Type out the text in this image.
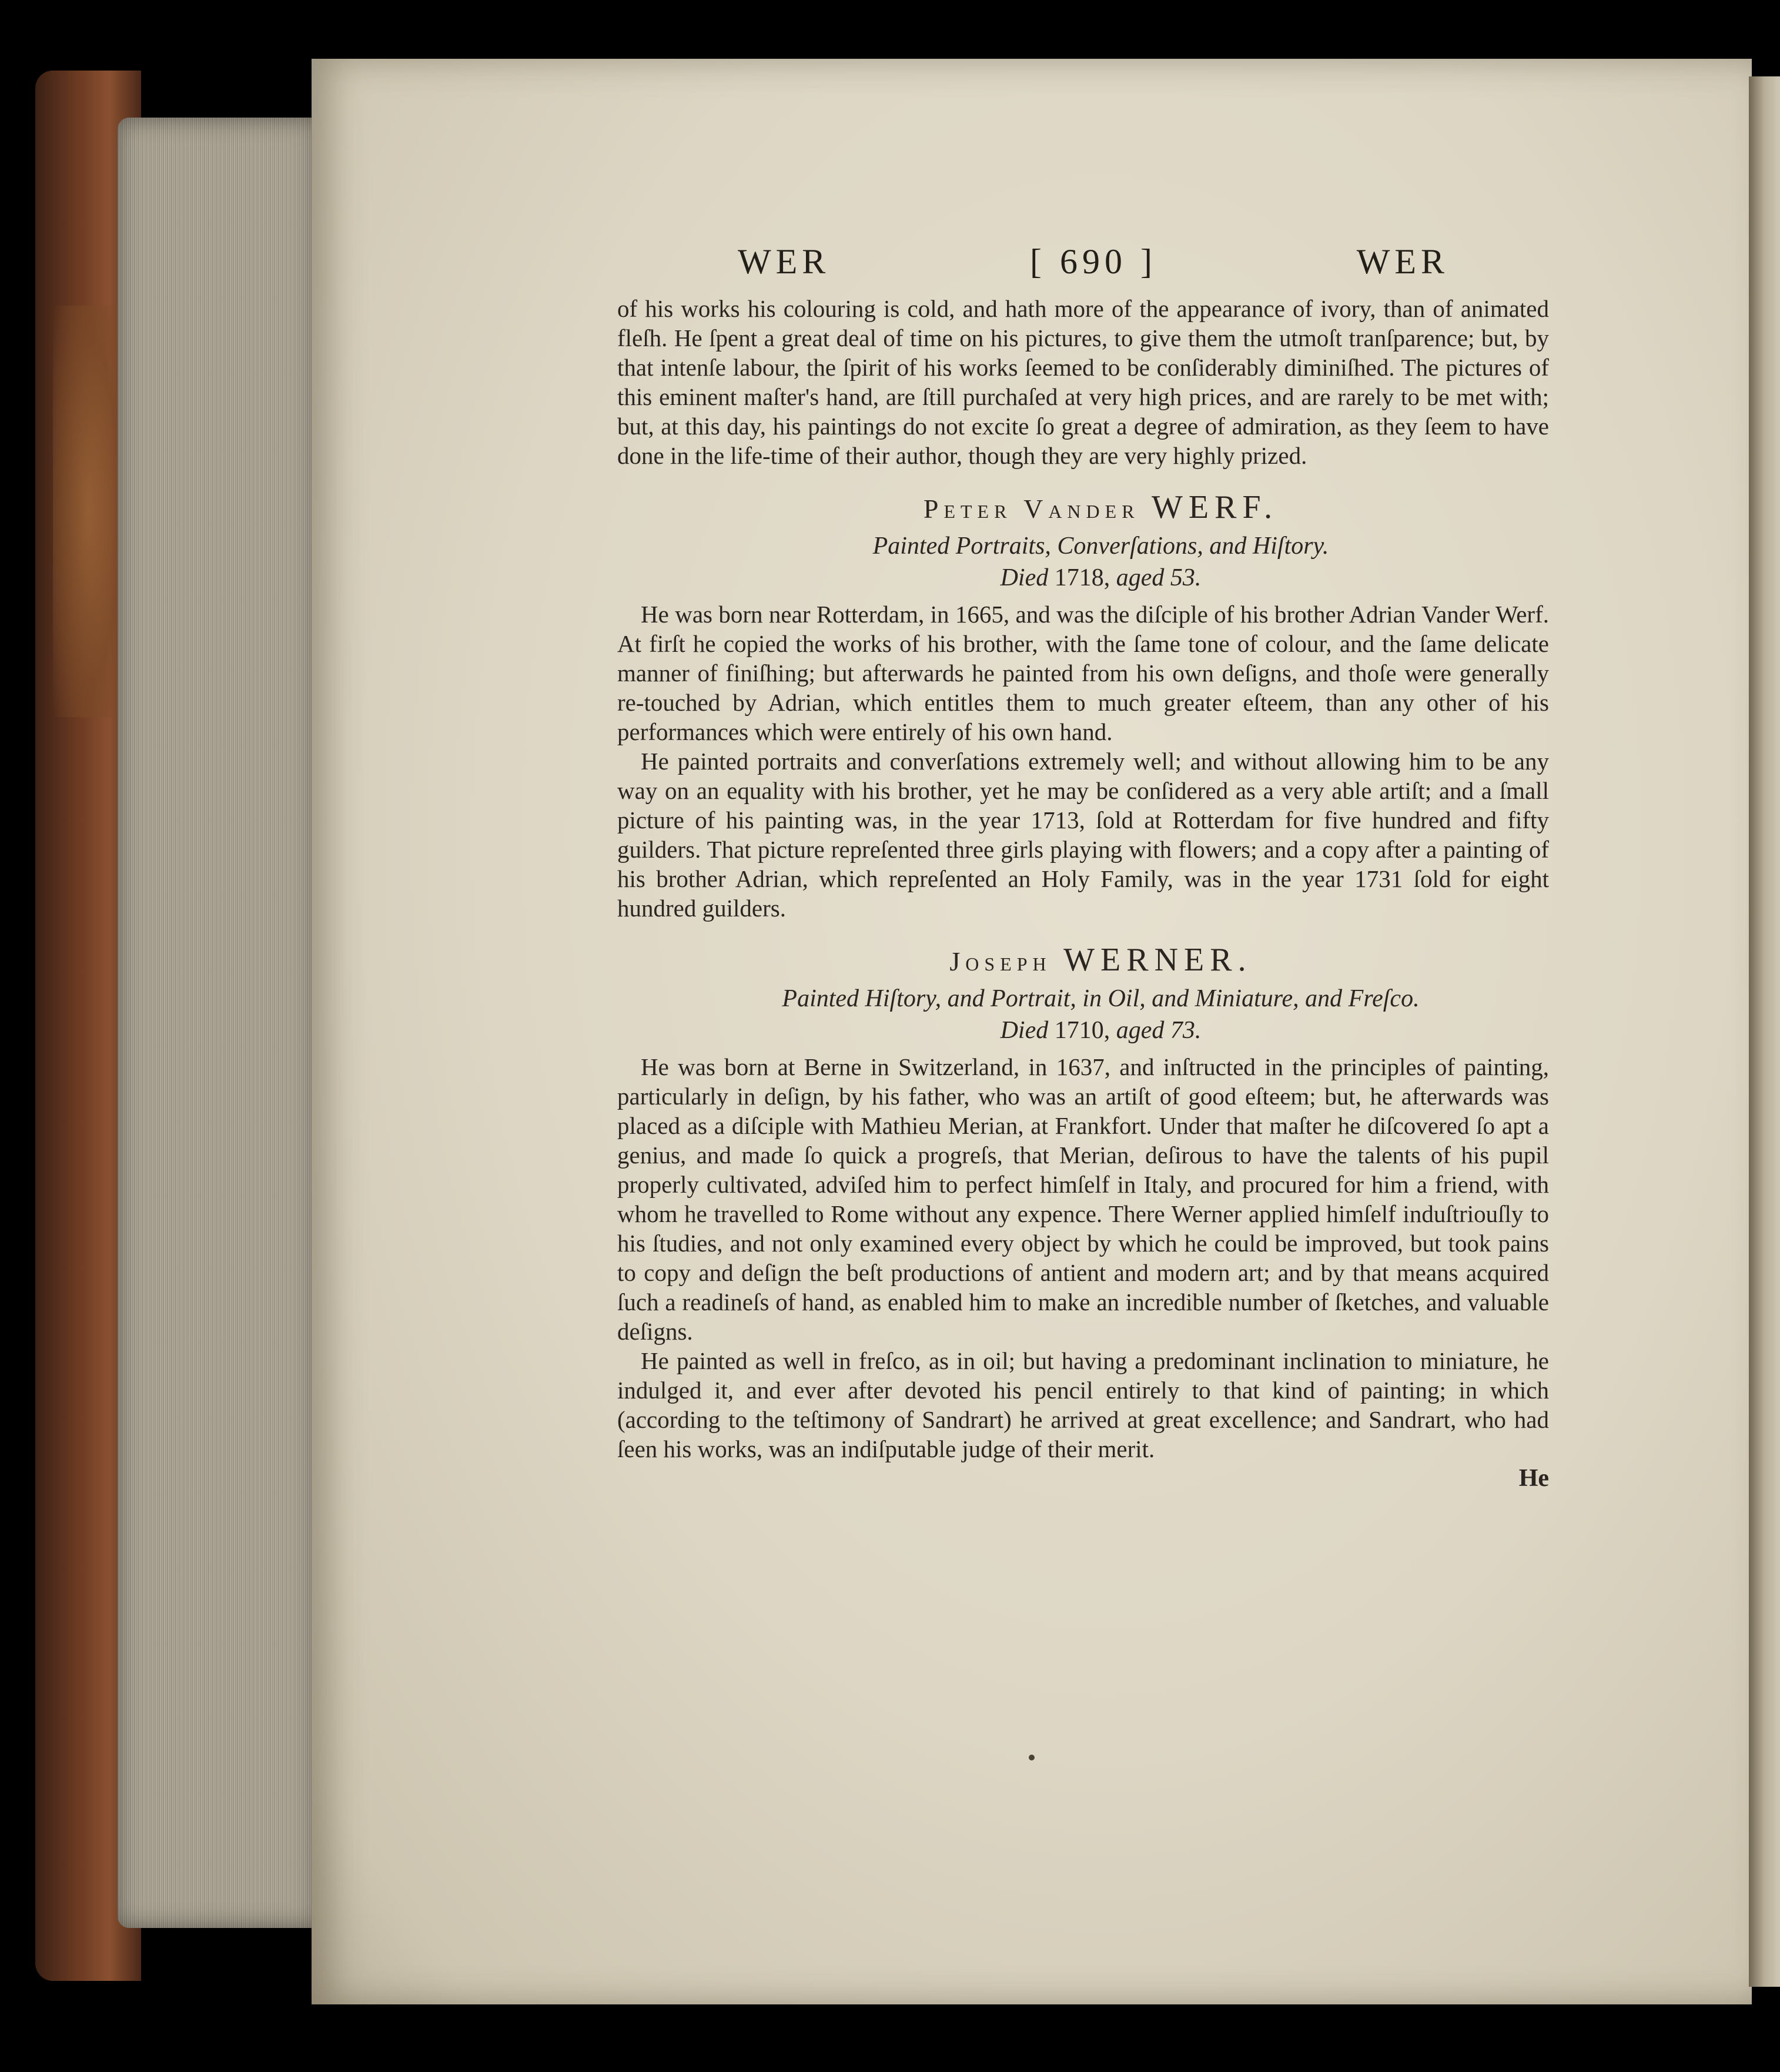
WER	[ 690 ]	WER

of his works his colouring is cold, and hath more of the appearance of ivory, than of animated fleſh. He ſpent a great deal of time on his pictures, to give them the utmoſt tranſparence; but, by that intenſe labour, the ſpirit of his works ſeemed to be conſiderably diminiſhed. The pictures of this eminent maſter's hand, are ſtill purchaſed at very high prices, and are rarely to be met with; but, at this day, his paintings do not excite ſo great a degree of admiration, as they ſeem to have done in the life-time of their author, though they are very highly prized.

Peter Vander WERF.
Painted Portraits, Converſations, and Hiſtory.
Died 1718, aged 53.

He was born near Rotterdam, in 1665, and was the diſciple of his brother Adrian Vander Werf. At firſt he copied the works of his brother, with the ſame tone of colour, and the ſame delicate manner of finiſhing; but afterwards he painted from his own deſigns, and thoſe were generally re-touched by Adrian, which entitles them to much greater eſteem, than any other of his performances which were entirely of his own hand.

He painted portraits and converſations extremely well; and without allowing him to be any way on an equality with his brother, yet he may be conſidered as a very able artiſt; and a ſmall picture of his painting was, in the year 1713, ſold at Rotterdam for five hundred and fifty guilders. That picture repreſented three girls playing with flowers; and a copy after a painting of his brother Adrian, which repreſented an Holy Family, was in the year 1731 ſold for eight hundred guilders.

Joseph WERNER.
Painted Hiſtory, and Portrait, in Oil, and Miniature, and Freſco.
Died 1710, aged 73.

He was born at Berne in Switzerland, in 1637, and inſtructed in the principles of painting, particularly in deſign, by his father, who was an artiſt of good eſteem; but, he afterwards was placed as a diſciple with Mathieu Merian, at Frankfort. Under that maſter he diſcovered ſo apt a genius, and made ſo quick a progreſs, that Merian, deſirous to have the talents of his pupil properly cultivated, adviſed him to perfect himſelf in Italy, and procured for him a friend, with whom he travelled to Rome without any expence. There Werner applied himſelf induſtriouſly to his ſtudies, and not only examined every object by which he could be improved, but took pains to copy and deſign the beſt productions of antient and modern art; and by that means acquired ſuch a readineſs of hand, as enabled him to make an incredible number of ſketches, and valuable deſigns.

He painted as well in freſco, as in oil; but having a predominant inclination to miniature, he indulged it, and ever after devoted his pencil entirely to that kind of painting; in which (according to the teſtimony of Sandrart) he arrived at great excellence; and Sandrart, who had ſeen his works, was an indiſputable judge of their merit.

He
